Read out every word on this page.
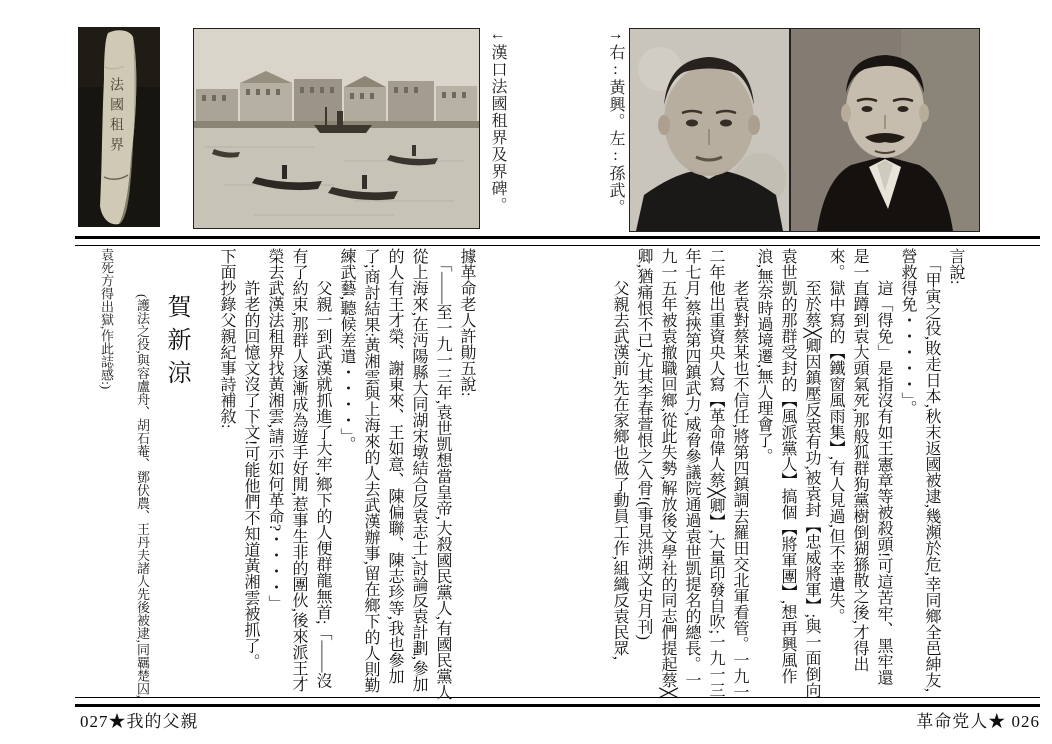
法國租界	←漢口法國租界及界碑。	→右:黃興。左:孫武。

言說:

　「甲寅之役,敗走日本,秋末返國被逮,幾瀕於危,幸同鄉全邑紳友,營救得免・・・・・」。

　　這「得免」是指沒有如王憲章等被殺頭!可這苦牢、黑牢還是一直蹲到袁大頭氣死,那般狐群狗黨樹倒猢猻散之後,才得出來。獄中寫的【鐵窗風雨集】,有人見過,但不幸遺失。

　　至於蔡╳卿因鎮壓反袁有功,被袁封【忠威將軍】;與一面倒向袁世凱的那群受封的【風派黨人】搞個【將軍團】,想再興風作浪,無奈時過境遷,無人理會了。

　　老袁對蔡某也不信任,將第四鎮調去羅田交北軍看管。一九一二年他出重資央人寫【革命偉人蔡╳卿】,大量印發自吹;一九一三年七月,蔡挾第四鎮武力,威脅參議院通過袁世凱提名的總長。一九一五年被袁撤職回鄉,從此失勢,解放後文學社的同志們提起蔡╳卿,猶痛恨不已,尤其李春萱恨之入骨!(事見洪湖文史月刊)

　　父親去武漢前,先在家鄉也做了動員工作,組織反袁民眾,

據革命老人許勛五說:

　「——至一九一三年,袁世凱想當皇帝,大殺國民黨人,有國民黨人從上海來,在沔陽縣大同湖宋墩結合反袁志士,討論反袁計劃,參加的人有王才榮、謝東來、王如意、陳偏聯、陳志珍等,我也參加了;商討結果:黃湘雲與上海來的人去武漢辦事,留在鄉下的人則勤練武藝,聽候差遣・・・・」。

　　父親一到武漢就抓進了大牢,鄉下的人便群龍無首;「——沒有了約束,那群人逐漸成為遊手好閒,惹事生非的團伙,後來派王才榮去武漢法租界找黃湘雲,請示如何革命?・・・・」

　　許老的回憶文沒了下文!可能他們不知道黃湘雲被抓了。

下面抄錄父親紀事詩補敘:

賀新涼

(護法之役,與容盧舟、胡石菴、鄧伏農、王丹夫諸人先後被逮,同羈楚囚,袁死方得出獄,作此誌感:)

027★我的父親	革命党人★ 026
